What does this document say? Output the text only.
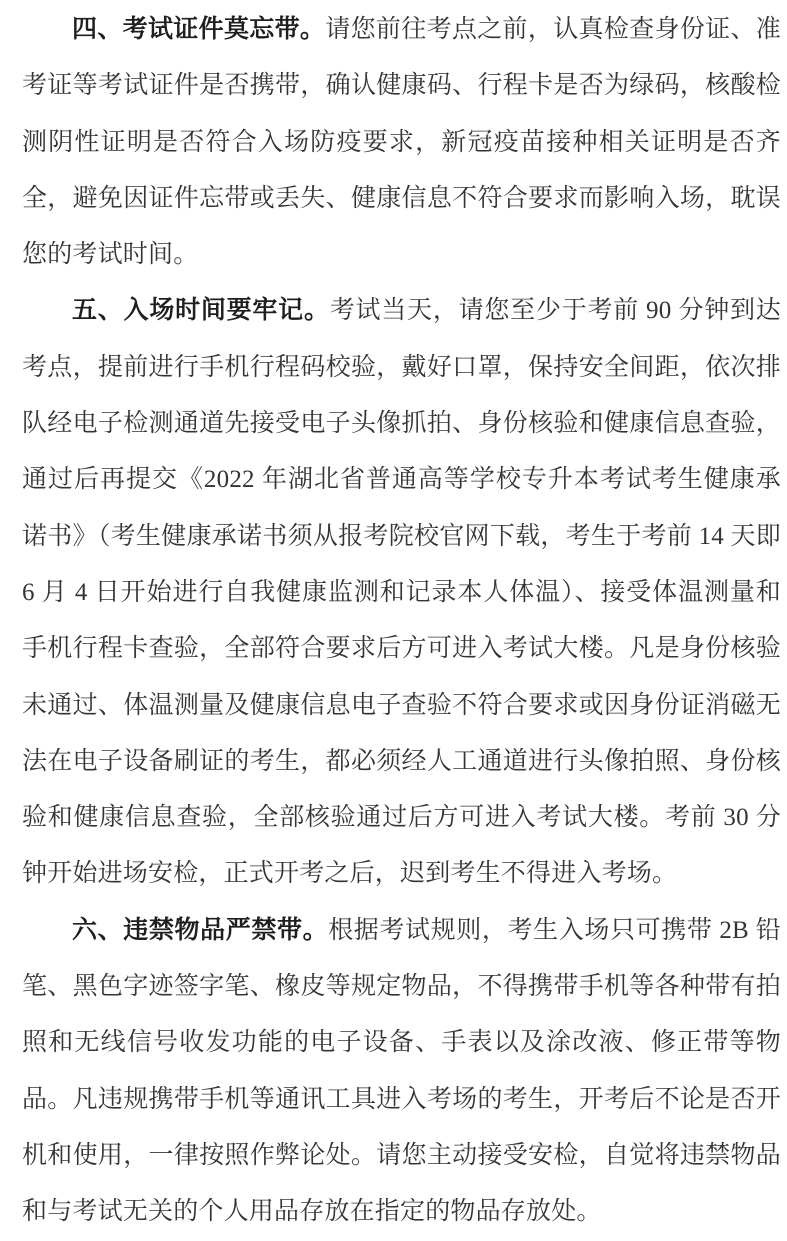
四、考试证件莫忘带。请您前往考点之前，认真检查身份证、准考证等考试证件是否携带，确认健康码、行程卡是否为绿码，核酸检测阴性证明是否符合入场防疫要求，新冠疫苗接种相关证明是否齐全，避免因证件忘带或丢失、健康信息不符合要求而影响入场，耽误您的考试时间。

五、入场时间要牢记。考试当天，请您至少于考前 90 分钟到达考点，提前进行手机行程码校验，戴好口罩，保持安全间距，依次排队经电子检测通道先接受电子头像抓拍、身份核验和健康信息查验，通过后再提交《2022 年湖北省普通高等学校专升本考试考生健康承诺书》（考生健康承诺书须从报考院校官网下载，考生于考前 14 天即 6 月 4 日开始进行自我健康监测和记录本人体温）、接受体温测量和手机行程卡查验，全部符合要求后方可进入考试大楼。凡是身份核验未通过、体温测量及健康信息电子查验不符合要求或因身份证消磁无法在电子设备刷证的考生，都必须经人工通道进行头像拍照、身份核验和健康信息查验，全部核验通过后方可进入考试大楼。考前 30 分钟开始进场安检，正式开考之后，迟到考生不得进入考场。

六、违禁物品严禁带。根据考试规则，考生入场只可携带 2B 铅笔、黑色字迹签字笔、橡皮等规定物品，不得携带手机等各种带有拍照和无线信号收发功能的电子设备、手表以及涂改液、修正带等物品。凡违规携带手机等通讯工具进入考场的考生，开考后不论是否开机和使用，一律按照作弊论处。请您主动接受安检，自觉将违禁物品和与考试无关的个人用品存放在指定的物品存放处。
